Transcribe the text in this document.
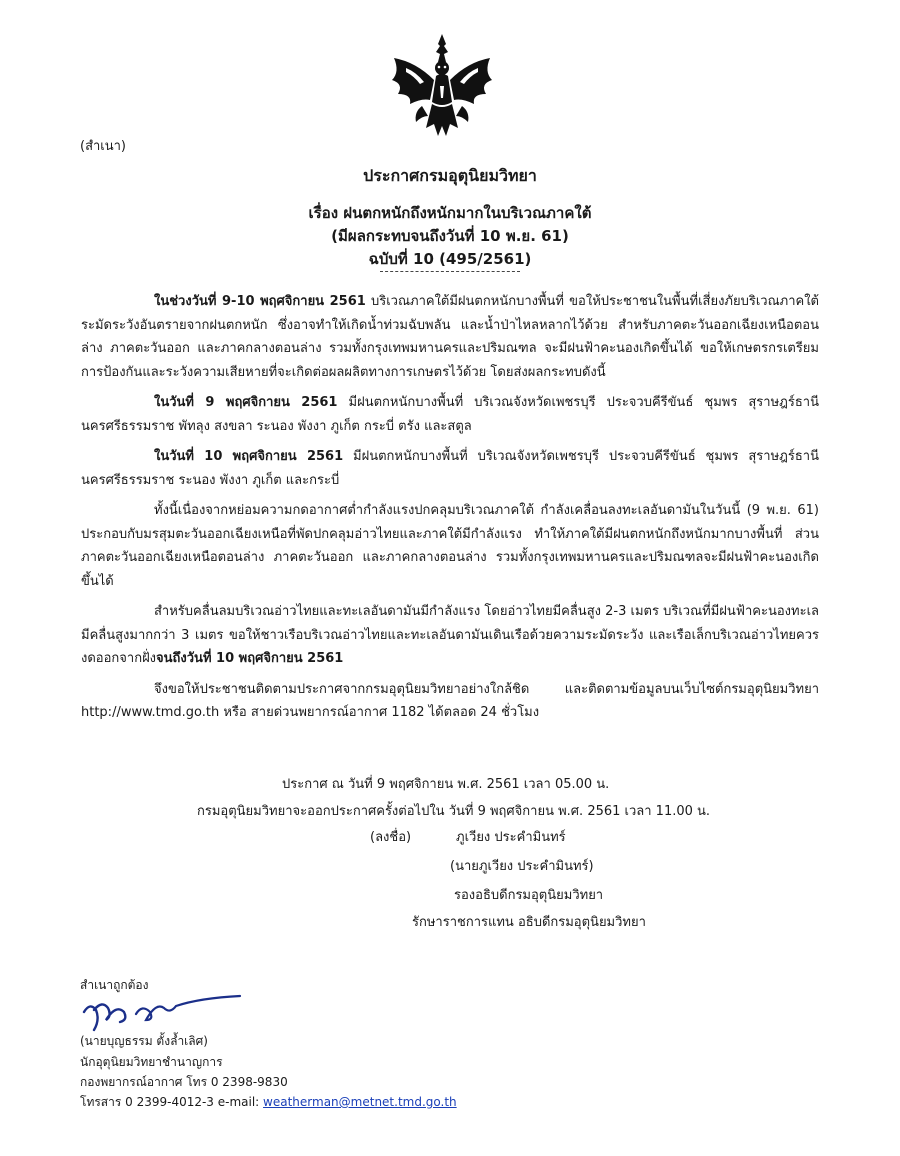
(สำเนา)
ประกาศกรมอุตุนิยมวิทยา
เรื่อง ฝนตกหนักถึงหนักมากในบริเวณภาคใต้
(มีผลกระทบจนถึงวันที่ 10 พ.ย. 61)
ฉบับที่ 10 (495/2561)

ในช่วงวันที่ 9-10 พฤศจิกายน 2561 บริเวณภาคใต้มีฝนตกหนักบางพื้นที่ ขอให้ประชาชนในพื้นที่เสี่ยงภัยบริเวณภาคใต้ระมัดระวังอันตรายจากฝนตกหนัก ซึ่งอาจทำให้เกิดน้ำท่วมฉับพลัน และน้ำป่าไหลหลากไว้ด้วย สำหรับภาคตะวันออกเฉียงเหนือตอนล่าง ภาคตะวันออก และภาคกลางตอนล่าง รวมทั้งกรุงเทพมหานครและปริมณฑล จะมีฝนฟ้าคะนองเกิดขึ้นได้ ขอให้เกษตรกรเตรียมการป้องกันและระวังความเสียหายที่จะเกิดต่อผลผลิตทางการเกษตรไว้ด้วย โดยส่งผลกระทบดังนี้

ในวันที่ 9 พฤศจิกายน 2561 มีฝนตกหนักบางพื้นที่ บริเวณจังหวัดเพชรบุรี ประจวบคีรีขันธ์ ชุมพร สุราษฎร์ธานี นครศรีธรรมราช พัทลุง สงขลา ระนอง พังงา ภูเก็ต กระบี่ ตรัง และสตูล

ในวันที่ 10 พฤศจิกายน 2561 มีฝนตกหนักบางพื้นที่ บริเวณจังหวัดเพชรบุรี ประจวบคีรีขันธ์ ชุมพร สุราษฎร์ธานี นครศรีธรรมราช ระนอง พังงา ภูเก็ต และกระบี่

ทั้งนี้เนื่องจากหย่อมความกดอากาศต่ำกำลังแรงปกคลุมบริเวณภาคใต้ กำลังเคลื่อนลงทะเลอันดามันในวันนี้ (9 พ.ย. 61) ประกอบกับมรสุมตะวันออกเฉียงเหนือที่พัดปกคลุมอ่าวไทยและภาคใต้มีกำลังแรง ทำให้ภาคใต้มีฝนตกหนักถึงหนักมากบางพื้นที่ ส่วนภาคตะวันออกเฉียงเหนือตอนล่าง ภาคตะวันออก และภาคกลางตอนล่าง รวมทั้งกรุงเทพมหานครและปริมณฑลจะมีฝนฟ้าคะนองเกิดขึ้นได้

สำหรับคลื่นลมบริเวณอ่าวไทยและทะเลอันดามันมีกำลังแรง โดยอ่าวไทยมีคลื่นสูง 2-3 เมตร บริเวณที่มีฝนฟ้าคะนองทะเลมีคลื่นสูงมากกว่า 3 เมตร ขอให้ชาวเรือบริเวณอ่าวไทยและทะเลอันดามันเดินเรือด้วยความระมัดระวัง และเรือเล็กบริเวณอ่าวไทยควรงดออกจากฝั่งจนถึงวันที่ 10 พฤศจิกายน 2561

จึงขอให้ประชาชนติดตามประกาศจากกรมอุตุนิยมวิทยาอย่างใกล้ชิด และติดตามข้อมูลบนเว็บไซต์กรมอุตุนิยมวิทยา http://www.tmd.go.th หรือ สายด่วนพยากรณ์อากาศ 1182 ได้ตลอด 24 ชั่วโมง

ประกาศ ณ วันที่ 9 พฤศจิกายน พ.ศ. 2561 เวลา 05.00 น.
กรมอุตุนิยมวิทยาจะออกประกาศครั้งต่อไปใน วันที่ 9 พฤศจิกายน พ.ศ. 2561 เวลา 11.00 น.
(ลงชื่อ)	ภูเวียง ประคำมินทร์
(นายภูเวียง ประคำมินทร์)
รองอธิบดีกรมอุตุนิยมวิทยา
รักษาราชการแทน อธิบดีกรมอุตุนิยมวิทยา
สำเนาถูกต้อง
(นายบุญธรรม ตั้งล้ำเลิศ)
นักอุตุนิยมวิทยาชำนาญการ
กองพยากรณ์อากาศ โทร 0 2398-9830
โทรสาร 0 2399-4012-3 e-mail: weatherman@metnet.tmd.go.th
